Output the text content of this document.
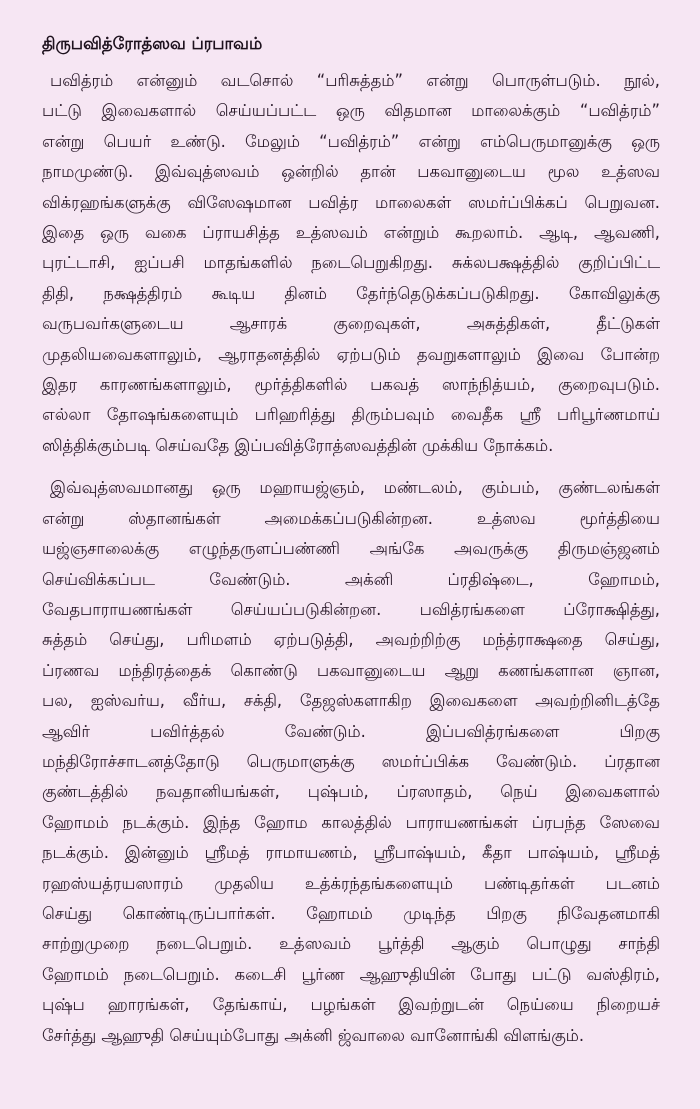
திருபவித்ரோத்ஸவ ப்ரபாவம்
பவித்ரம் என்னும் வடசொல் “பரிசுத்தம்” என்று பொருள்படும். நூல்,
பட்டு இவைகளால் செய்யப்பட்ட ஒரு விதமான மாலைக்கும் “பவித்ரம்”
என்று பெயர் உண்டு. மேலும் “பவித்ரம்” என்று எம்பெருமானுக்கு ஒரு
நாமமுண்டு. இவ்வுத்ஸவம் ஒன்றில் தான் பகவானுடைய மூல உத்ஸவ
விக்ரஹங்களுக்கு விஸேஷமான பவித்ர மாலைகள் ஸமர்ப்பிக்கப் பெறுவன.
இதை ஒரு வகை ப்ராயசித்த உத்ஸவம் என்றும் கூறலாம். ஆடி, ஆவணி,
புரட்டாசி, ஐப்பசி மாதங்களில் நடைபெறுகிறது. சுக்லபக்ஷத்தில் குறிப்பிட்ட
திதி, நக்ஷத்திரம் கூடிய தினம் தேர்ந்தெடுக்கப்படுகிறது. கோவிலுக்கு
வருபவர்களுடைய ஆசாரக் குறைவுகள், அசுத்திகள், தீட்டுகள்
முதலியவைகளாலும், ஆராதனத்தில் ஏற்படும் தவறுகளாலும் இவை போன்ற
இதர காரணங்களாலும், மூர்த்திகளில் பகவத் ஸாந்நித்யம், குறைவுபடும்.
எல்லா தோஷங்களையும் பரிஹரித்து திரும்பவும் வைதீக ஸ்ரீ பரிபூர்ணமாய்
ஸித்திக்கும்படி செய்வதே இப்பவித்ரோத்ஸவத்தின் முக்கிய நோக்கம்.
இவ்வுத்ஸவமானது ஒரு மஹாயஜ்ஞம், மண்டலம், கும்பம், குண்டலங்கள்
என்று ஸ்தானங்கள் அமைக்கப்படுகின்றன. உத்ஸவ மூர்த்தியை
யஜ்ஞசாலைக்கு எழுந்தருளப்பண்ணி அங்கே அவருக்கு திருமஞ்ஜனம்
செய்விக்கப்பட வேண்டும். அக்னி ப்ரதிஷ்டை, ஹோமம்,
வேதபாராயணங்கள் செய்யப்படுகின்றன. பவித்ரங்களை ப்ரோக்ஷித்து,
சுத்தம் செய்து, பரிமளம் ஏற்படுத்தி, அவற்றிற்கு மந்த்ராக்ஷதை செய்து,
ப்ரணவ மந்திரத்தைக் கொண்டு பகவானுடைய ஆறு கணங்களான ஞான,
பல, ஐஸ்வர்ய, வீர்ய, சக்தி, தேஜஸ்களாகிற இவைகளை அவற்றினிடத்தே
ஆவிர் பவிர்த்தல் வேண்டும். இப்பவித்ரங்களை பிறகு
மந்திரோச்சாடனத்தோடு பெருமாளுக்கு ஸமர்ப்பிக்க வேண்டும். ப்ரதான
குண்டத்தில் நவதானியங்கள், புஷ்பம், ப்ரஸாதம், நெய் இவைகளால்
ஹோமம் நடக்கும். இந்த ஹோம காலத்தில் பாராயணங்கள் ப்ரபந்த ஸேவை
நடக்கும். இன்னும் ஸ்ரீமத் ராமாயணம், ஸ்ரீபாஷ்யம், கீதா பாஷ்யம், ஸ்ரீமத்
ரஹஸ்யத்ரயஸாரம் முதலிய உத்க்ரந்தங்களையும் பண்டிதர்கள் படனம்
செய்து கொண்டிருப்பார்கள். ஹோமம் முடிந்த பிறகு நிவேதனமாகி
சாற்றுமுறை நடைபெறும். உத்ஸவம் பூர்த்தி ஆகும் பொழுது சாந்தி
ஹோமம் நடைபெறும். கடைசி பூர்ண ஆஹுதியின் போது பட்டு வஸ்திரம்,
புஷ்ப ஹாரங்கள், தேங்காய், பழங்கள் இவற்றுடன் நெய்யை நிறையச்
சேர்த்து ஆஹுதி செய்யும்போது அக்னி ஜ்வாலை வானோங்கி விளங்கும்.
